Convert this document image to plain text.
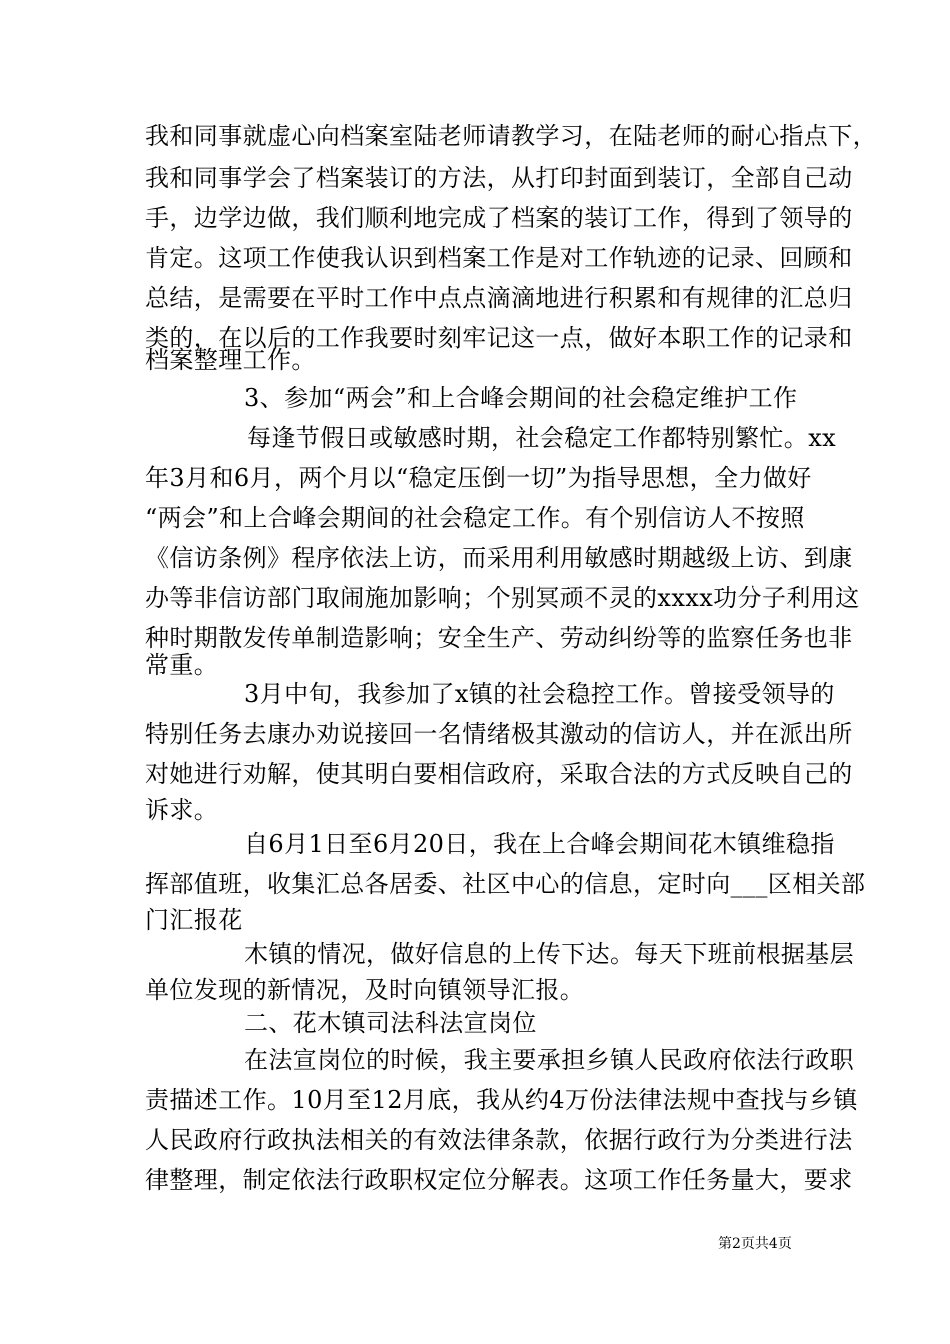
我和同事就虚心向档案室陆老师请教学习，在陆老师的耐心指点下，
我和同事学会了档案装订的方法，从打印封面到装订，全部自己动
手，边学边做，我们顺利地完成了档案的装订工作，得到了领导的
肯定。这项工作使我认识到档案工作是对工作轨迹的记录、回顾和
总结，是需要在平时工作中点点滴滴地进行积累和有规律的汇总归
类的，在以后的工作我要时刻牢记这一点，做好本职工作的记录和
档案整理工作。
3、参加“两会”和上合峰会期间的社会稳定维护工作
每逢节假日或敏感时期，社会稳定工作都特别繁忙。xx
年3月和6月，两个月以“稳定压倒一切”为指导思想，全力做好
“两会”和上合峰会期间的社会稳定工作。有个别信访人不按照
《信访条例》程序依法上访，而采用利用敏感时期越级上访、到康
办等非信访部门取闹施加影响；个别冥顽不灵的xxxx功分子利用这
种时期散发传单制造影响；安全生产、劳动纠纷等的监察任务也非
常重。
3月中旬，我参加了x镇的社会稳控工作。曾接受领导的
特别任务去康办劝说接回一名情绪极其激动的信访人，并在派出所
对她进行劝解，使其明白要相信政府，采取合法的方式反映自己的
诉求。
自6月1日至6月20日，我在上合峰会期间花木镇维稳指
挥部值班，收集汇总各居委、社区中心的信息，定时向___区相关部
门汇报花
木镇的情况，做好信息的上传下达。每天下班前根据基层
单位发现的新情况，及时向镇领导汇报。
二、花木镇司法科法宣岗位
在法宣岗位的时候，我主要承担乡镇人民政府依法行政职
责描述工作。10月至12月底，我从约4万份法律法规中查找与乡镇
人民政府行政执法相关的有效法律条款，依据行政行为分类进行法
律整理，制定依法行政职权定位分解表。这项工作任务量大，要求
第2页共4页
